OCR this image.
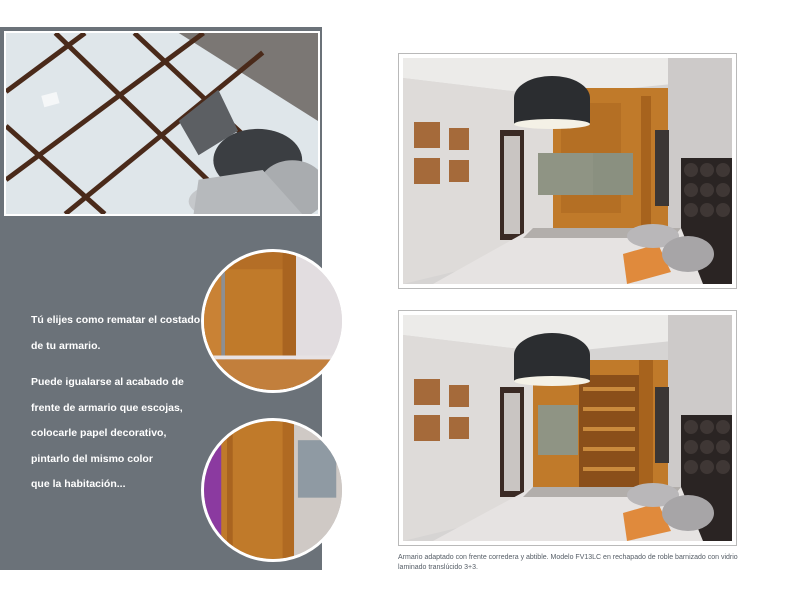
Tú elijes como rematar el costado

de tu armario.

Puede igualarse al acabado de

frente de armario que escojas,

colocarle papel decorativo,

pintarlo del mismo color

que la habitación...

Armario adaptado con frente corredera y abtible. Modelo FV13LC en rechapado de roble barnizado con vidrio laminado translúcido 3+3.
